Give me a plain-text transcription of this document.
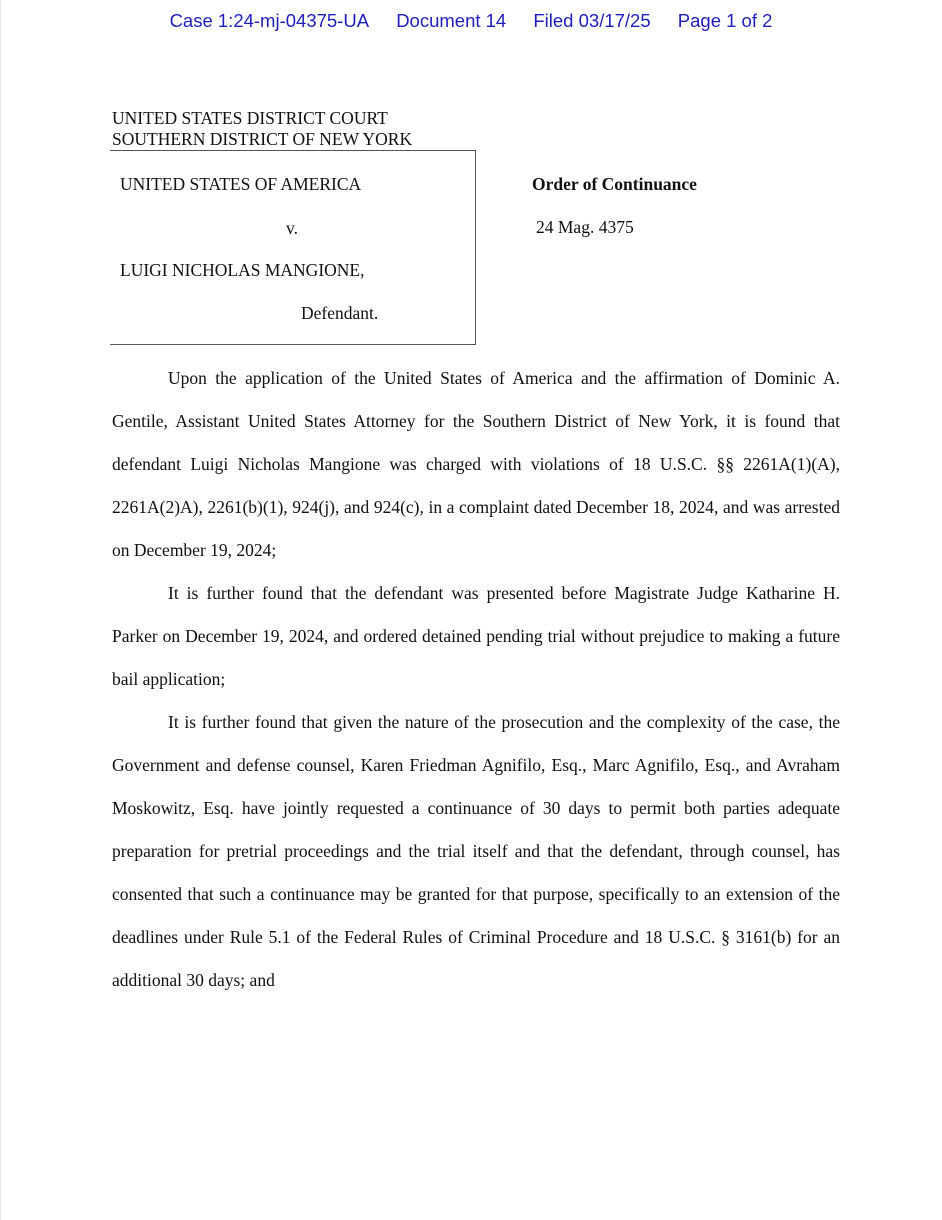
Case 1:24-mj-04375-UA Document 14 Filed 03/17/25 Page 1 of 2
UNITED STATES DISTRICT COURT
SOUTHERN DISTRICT OF NEW YORK
UNITED STATES OF AMERICA
v.
LUIGI NICHOLAS MANGIONE,
Defendant.
Order of Continuance
24 Mag. 4375

Upon the application of the United States of America and the affirmation of Dominic A. Gentile, Assistant United States Attorney for the Southern District of New York, it is found that defendant Luigi Nicholas Mangione was charged with violations of 18 U.S.C. §§ 2261A(1)(A), 2261A(2)A), 2261(b)(1), 924(j), and 924(c), in a complaint dated December 18, 2024, and was arrested on December 19, 2024;

It is further found that the defendant was presented before Magistrate Judge Katharine H. Parker on December 19, 2024, and ordered detained pending trial without prejudice to making a future bail application;

It is further found that given the nature of the prosecution and the complexity of the case, the Government and defense counsel, Karen Friedman Agnifilo, Esq., Marc Agnifilo, Esq., and Avraham Moskowitz, Esq. have jointly requested a continuance of 30 days to permit both parties adequate preparation for pretrial proceedings and the trial itself and that the defendant, through counsel, has consented that such a continuance may be granted for that purpose, specifically to an extension of the deadlines under Rule 5.1 of the Federal Rules of Criminal Procedure and 18 U.S.C. § 3161(b) for an additional 30 days; and
